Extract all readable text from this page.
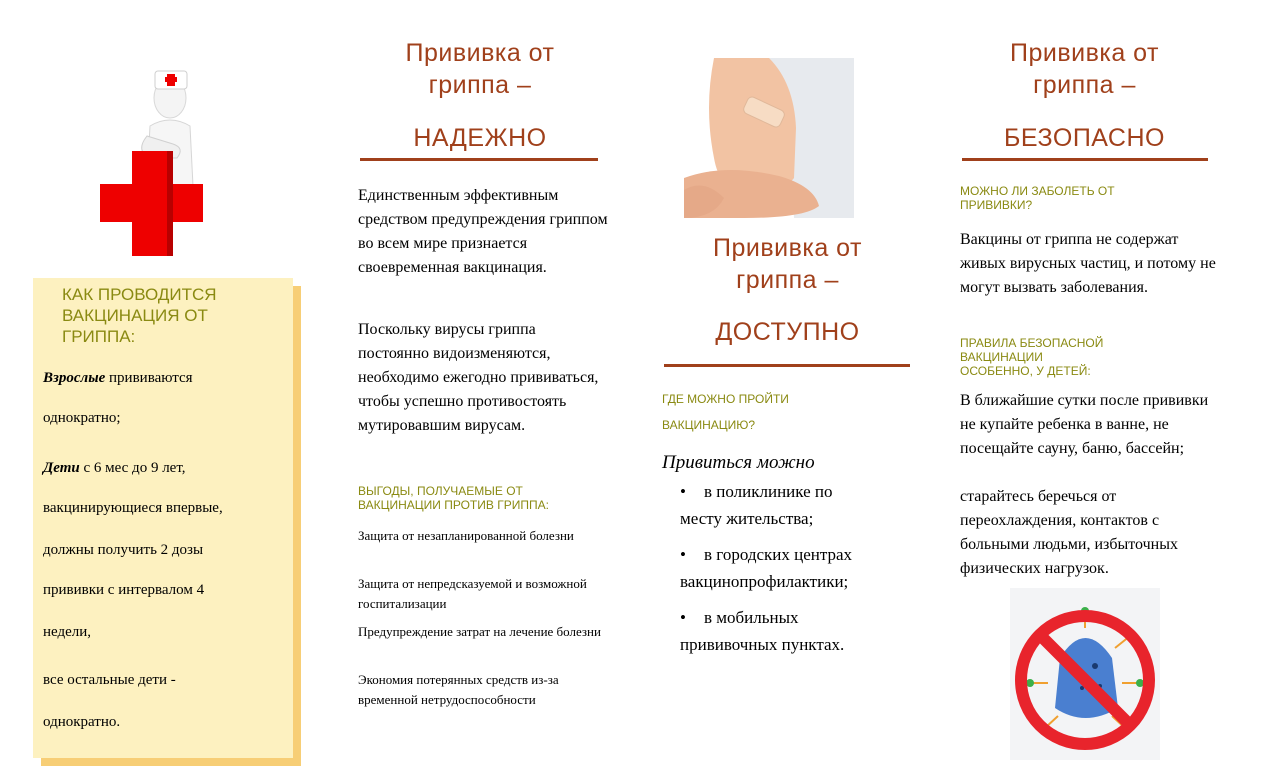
КАК ПРОВОДИТСЯ ВАКЦИНАЦИЯ ОТ ГРИППА:
Взрослые прививаются
однократно;
Дети с 6 мес до 9 лет,
вакцинирующиеся впервые,
должны получить 2 дозы
прививки с интервалом 4
недели,
все остальные дети -
однократно.
Прививка от
гриппа –
НАДЕЖНО

Единственным эффективным средством предупреждения гриппом во всем мире признается своевременная вакцинация.

Поскольку вирусы гриппа постоянно видоизменяются, необходимо ежегодно прививаться, чтобы успешно противостоять мутировавшим вирусам.

ВЫГОДЫ, ПОЛУЧАЕМЫЕ ОТ ВАКЦИНАЦИИ ПРОТИВ ГРИППА:
Защита от незапланированной болезни
Защита от непредсказуемой и возможной госпитализации
Предупреждение затрат на лечение болезни
Экономия потерянных средств из-за временной нетрудоспособности
Прививка от
гриппа –
ДОСТУПНО
ГДЕ МОЖНО ПРОЙТИ
ВАКЦИНАЦИЮ?
Привиться можно
• в поликлинике по
месту жительства;
• в городских центрах
вакцинопрофилактики;
• в мобильных
прививочных пунктах.
Прививка от
гриппа –
БЕЗОПАСНО
МОЖНО ЛИ ЗАБОЛЕТЬ ОТ ПРИВИВКИ?

Вакцины от гриппа не содержат живых вирусных частиц, и потому не могут вызвать заболевания.

ПРАВИЛА БЕЗОПАСНОЙ
ВАКЦИНАЦИИ
ОСОБЕННО, У ДЕТЕЙ:

В ближайшие сутки после прививки не купайте ребенка в ванне, не посещайте сауну, баню, бассейн;

старайтесь беречься от переохлаждения, контактов с больными людьми, избыточных физических нагрузок.
